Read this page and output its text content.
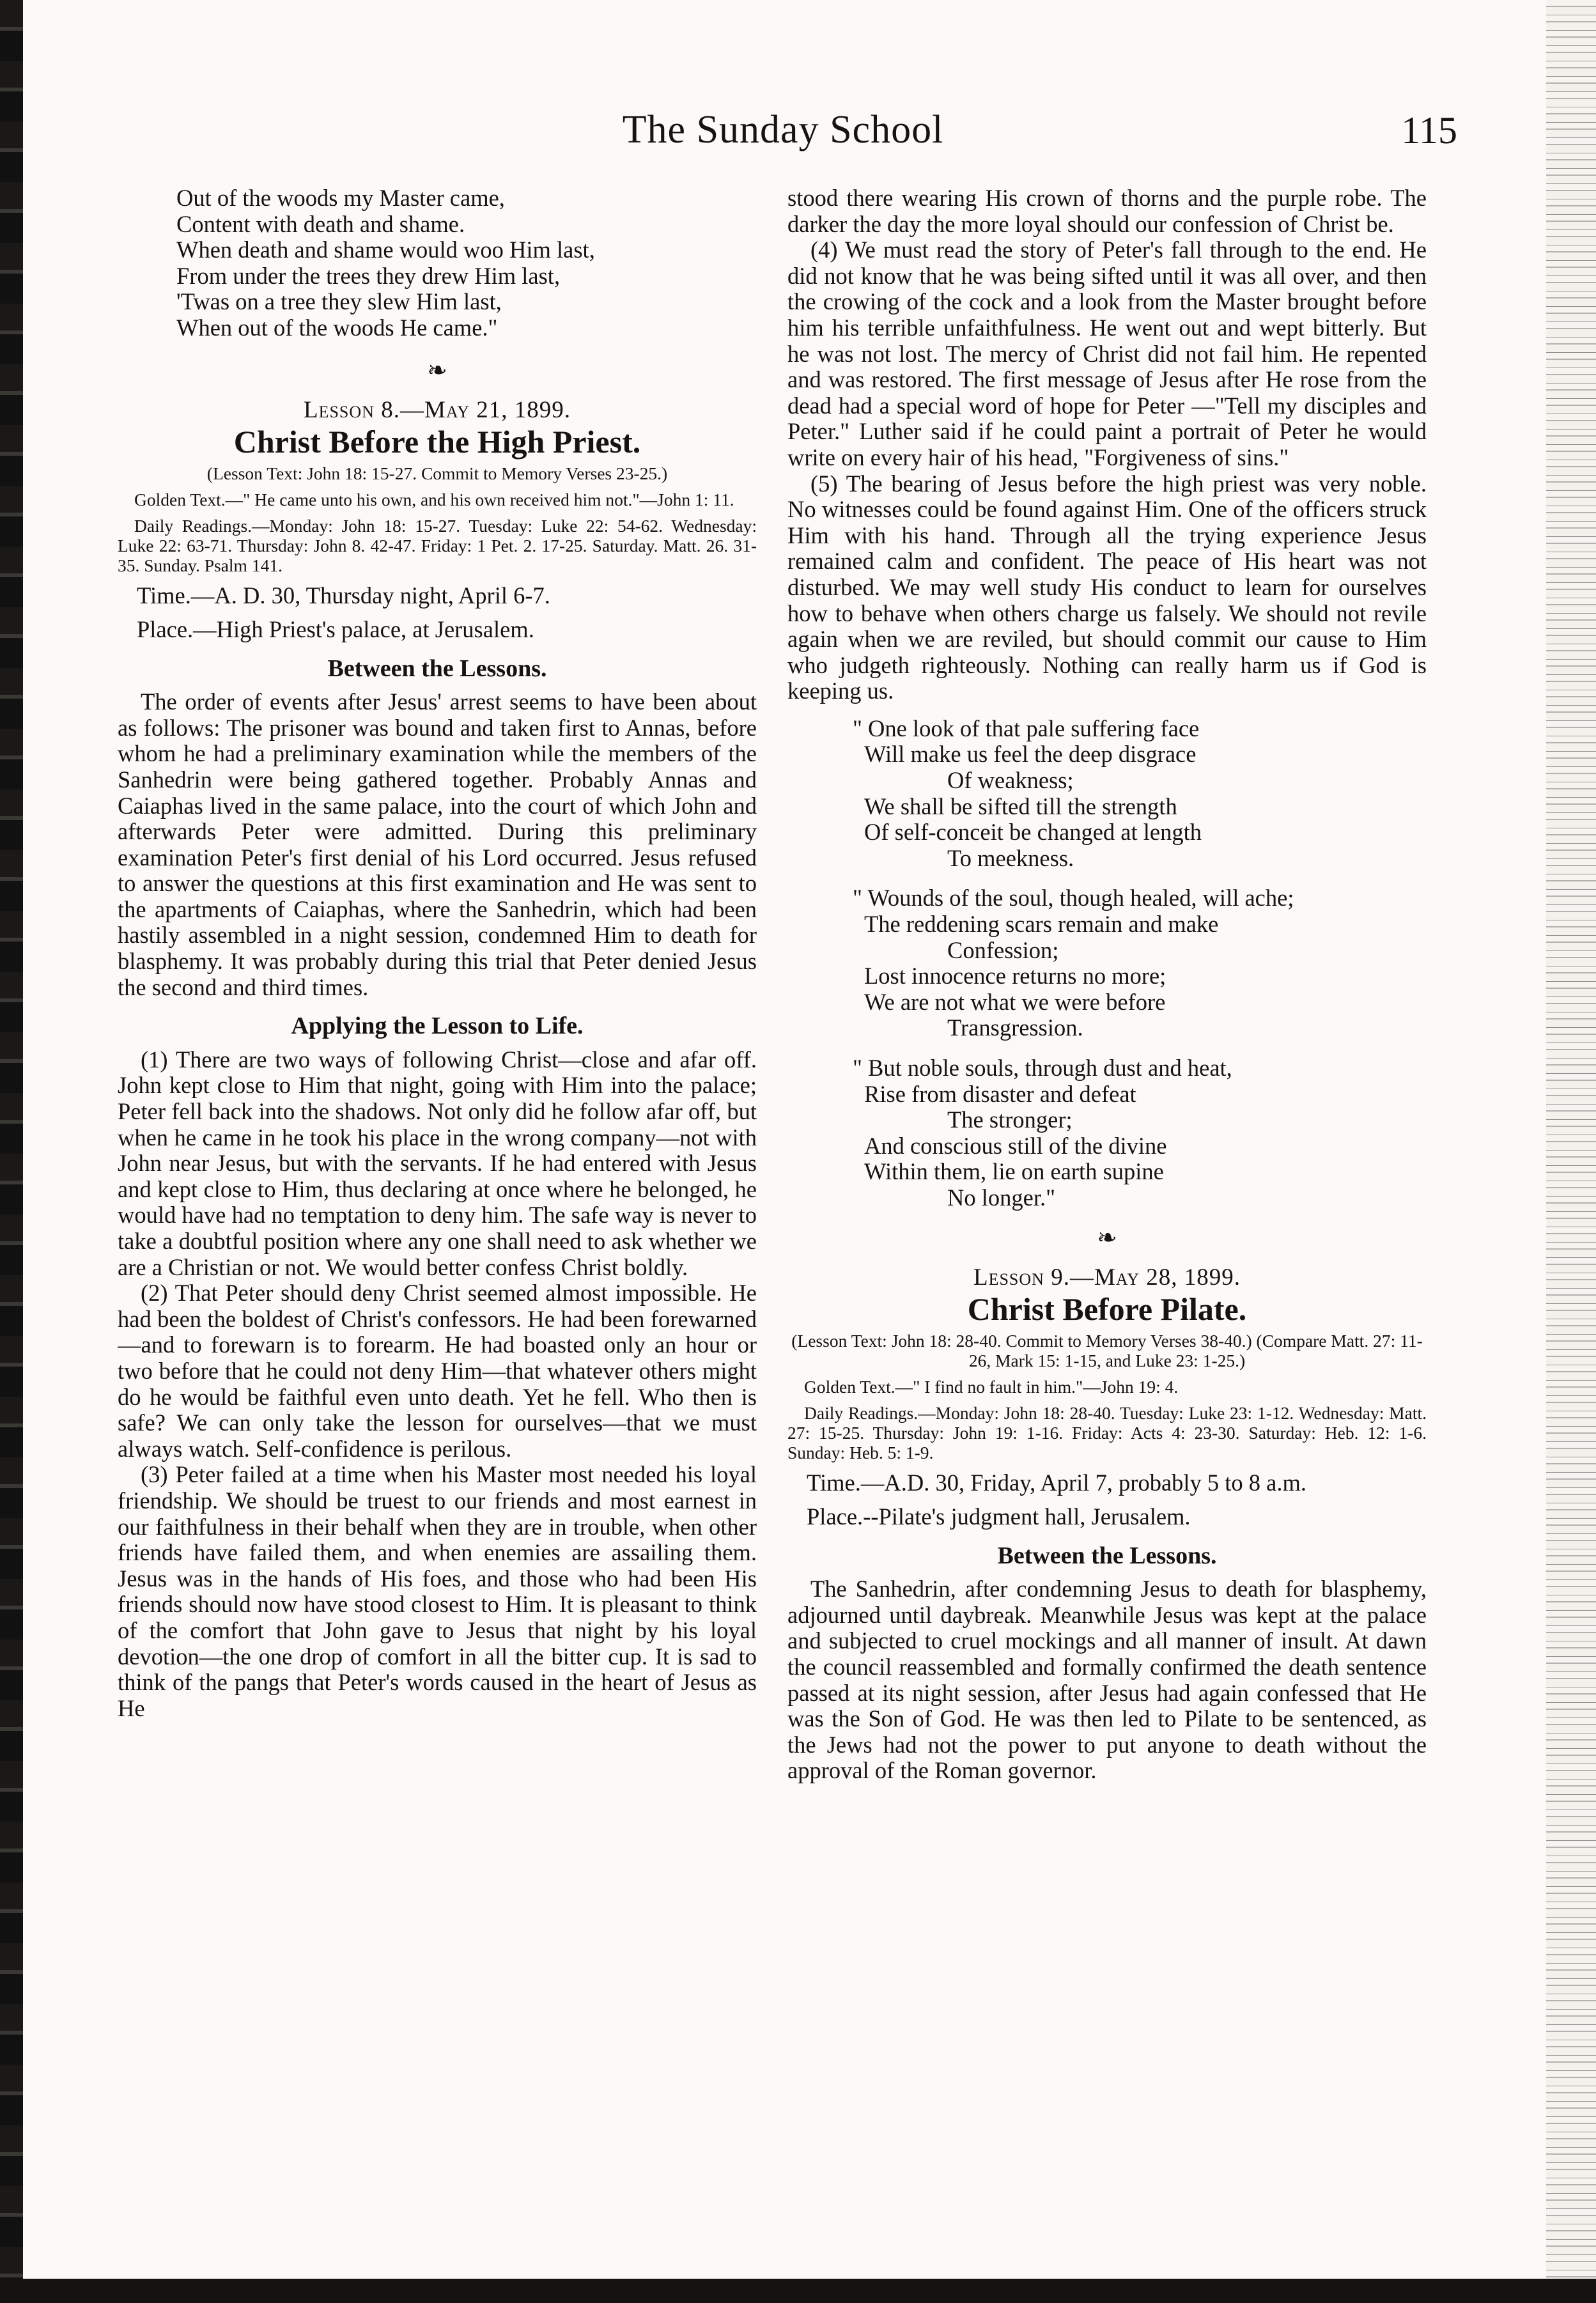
The Sunday School	115
Out of the woods my Master came,
Content with death and shame.
When death and shame would woo Him last,
From under the trees they drew Him last,
'Twas on a tree they slew Him last,
When out of the woods He came."
❧
Lesson 8.—May 21, 1899.
Christ Before the High Priest.
(Lesson Text: John 18: 15-27. Commit to Memory Verses 23-25.)
Golden Text.—" He came unto his own, and his own received him not."—John 1: 11.
Daily Readings.—Monday: John 18: 15-27. Tuesday: Luke 22: 54-62. Wednesday: Luke 22: 63-71. Thursday: John 8. 42-47. Friday: 1 Pet. 2. 17-25. Saturday. Matt. 26. 31-35. Sunday. Psalm 141.
Time.—A. D. 30, Thursday night, April 6-7.
Place.—High Priest's palace, at Jerusalem.
Between the Lessons.

The order of events after Jesus' arrest seems to have been about as follows: The prisoner was bound and taken first to Annas, before whom he had a preliminary examination while the members of the Sanhedrin were being gathered together. Probably Annas and Caiaphas lived in the same palace, into the court of which John and afterwards Peter were admitted. During this preliminary examination Peter's first denial of his Lord occurred. Jesus refused to answer the questions at this first examination and He was sent to the apartments of Caiaphas, where the Sanhedrin, which had been hastily assembled in a night session, condemned Him to death for blasphemy. It was probably during this trial that Peter denied Jesus the second and third times.

Applying the Lesson to Life.

(1) There are two ways of following Christ—close and afar off. John kept close to Him that night, going with Him into the palace; Peter fell back into the shadows. Not only did he follow afar off, but when he came in he took his place in the wrong company—not with John near Jesus, but with the servants. If he had entered with Jesus and kept close to Him, thus declaring at once where he belonged, he would have had no temptation to deny him. The safe way is never to take a doubtful position where any one shall need to ask whether we are a Christian or not. We would better confess Christ boldly.

(2) That Peter should deny Christ seemed almost impossible. He had been the boldest of Christ's confessors. He had been forewarned—and to forewarn is to forearm. He had boasted only an hour or two before that he could not deny Him—that whatever others might do he would be faithful even unto death. Yet he fell. Who then is safe? We can only take the lesson for ourselves—that we must always watch. Self-confidence is perilous.

(3) Peter failed at a time when his Master most needed his loyal friendship. We should be truest to our friends and most earnest in our faithfulness in their behalf when they are in trouble, when other friends have failed them, and when enemies are assailing them. Jesus was in the hands of His foes, and those who had been His friends should now have stood closest to Him. It is pleasant to think of the comfort that John gave to Jesus that night by his loyal devotion—the one drop of comfort in all the bitter cup. It is sad to think of the pangs that Peter's words caused in the heart of Jesus as He

stood there wearing His crown of thorns and the purple robe. The darker the day the more loyal should our confession of Christ be.

(4) We must read the story of Peter's fall through to the end. He did not know that he was being sifted until it was all over, and then the crowing of the cock and a look from the Master brought before him his terrible unfaithfulness. He went out and wept bitterly. But he was not lost. The mercy of Christ did not fail him. He repented and was restored. The first message of Jesus after He rose from the dead had a special word of hope for Peter —"Tell my disciples and Peter." Luther said if he could paint a portrait of Peter he would write on every hair of his head, "Forgiveness of sins."

(5) The bearing of Jesus before the high priest was very noble. No witnesses could be found against Him. One of the officers struck Him with his hand. Through all the trying experience Jesus remained calm and confident. The peace of His heart was not disturbed. We may well study His conduct to learn for ourselves how to behave when others charge us falsely. We should not revile again when we are reviled, but should commit our cause to Him who judgeth righteously. Nothing can really harm us if God is keeping us.

" One look of that pale suffering face
Will make us feel the deep disgrace
Of weakness;
We shall be sifted till the strength
Of self-conceit be changed at length
To meekness.
" Wounds of the soul, though healed, will ache;
The reddening scars remain and make
Confession;
Lost innocence returns no more;
We are not what we were before
Transgression.
" But noble souls, through dust and heat,
Rise from disaster and defeat
The stronger;
And conscious still of the divine
Within them, lie on earth supine
No longer."
❧
Lesson 9.—May 28, 1899.
Christ Before Pilate.
(Lesson Text: John 18: 28-40. Commit to Memory Verses 38-40.) (Compare Matt. 27: 11-26, Mark 15: 1-15, and Luke 23: 1-25.)
Golden Text.—" I find no fault in him."—John 19: 4.
Daily Readings.—Monday: John 18: 28-40. Tuesday: Luke 23: 1-12. Wednesday: Matt. 27: 15-25. Thursday: John 19: 1-16. Friday: Acts 4: 23-30. Saturday: Heb. 12: 1-6. Sunday: Heb. 5: 1-9.
Time.—A.D. 30, Friday, April 7, probably 5 to 8 a.m.
Place.--Pilate's judgment hall, Jerusalem.
Between the Lessons.

The Sanhedrin, after condemning Jesus to death for blasphemy, adjourned until daybreak. Meanwhile Jesus was kept at the palace and subjected to cruel mockings and all manner of insult. At dawn the council reassembled and formally confirmed the death sentence passed at its night session, after Jesus had again confessed that He was the Son of God. He was then led to Pilate to be sentenced, as the Jews had not the power to put anyone to death without the approval of the Roman governor.
